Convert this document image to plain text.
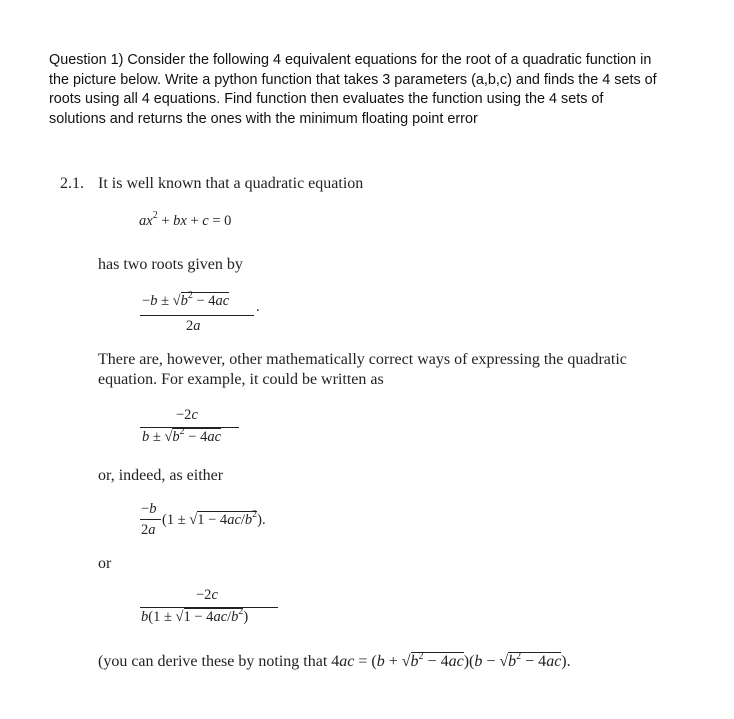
Question 1) Consider the following 4 equivalent equations for the root of a quadratic function in
the picture below. Write a python function that takes 3 parameters (a,b,c) and finds the 4 sets of
roots using all 4 equations. Find function then evaluates the function using the 4 sets of
solutions and returns the ones with the minimum floating point error
2.1. It is well known that a quadratic equation
$ax^2$ + bx + c = 0
has two roots given by
$-b \pm √b^2 - 4ac$ .
2a
There are, however, other mathematically correct ways of expressing the quadratic
equation. For example, it could be written as
−2c
$b \pm √b^2 - 4ac$
or, indeed, as either
−b
2a
$(1 \pm √1 - 4ac/b^2)$.
or
−2c
$b(1 \pm √1 - 4ac/b^2)$
(you can derive these by noting that $4ac = (b + √b^2 - 4ac)(b - √b^2 - 4ac)$.
